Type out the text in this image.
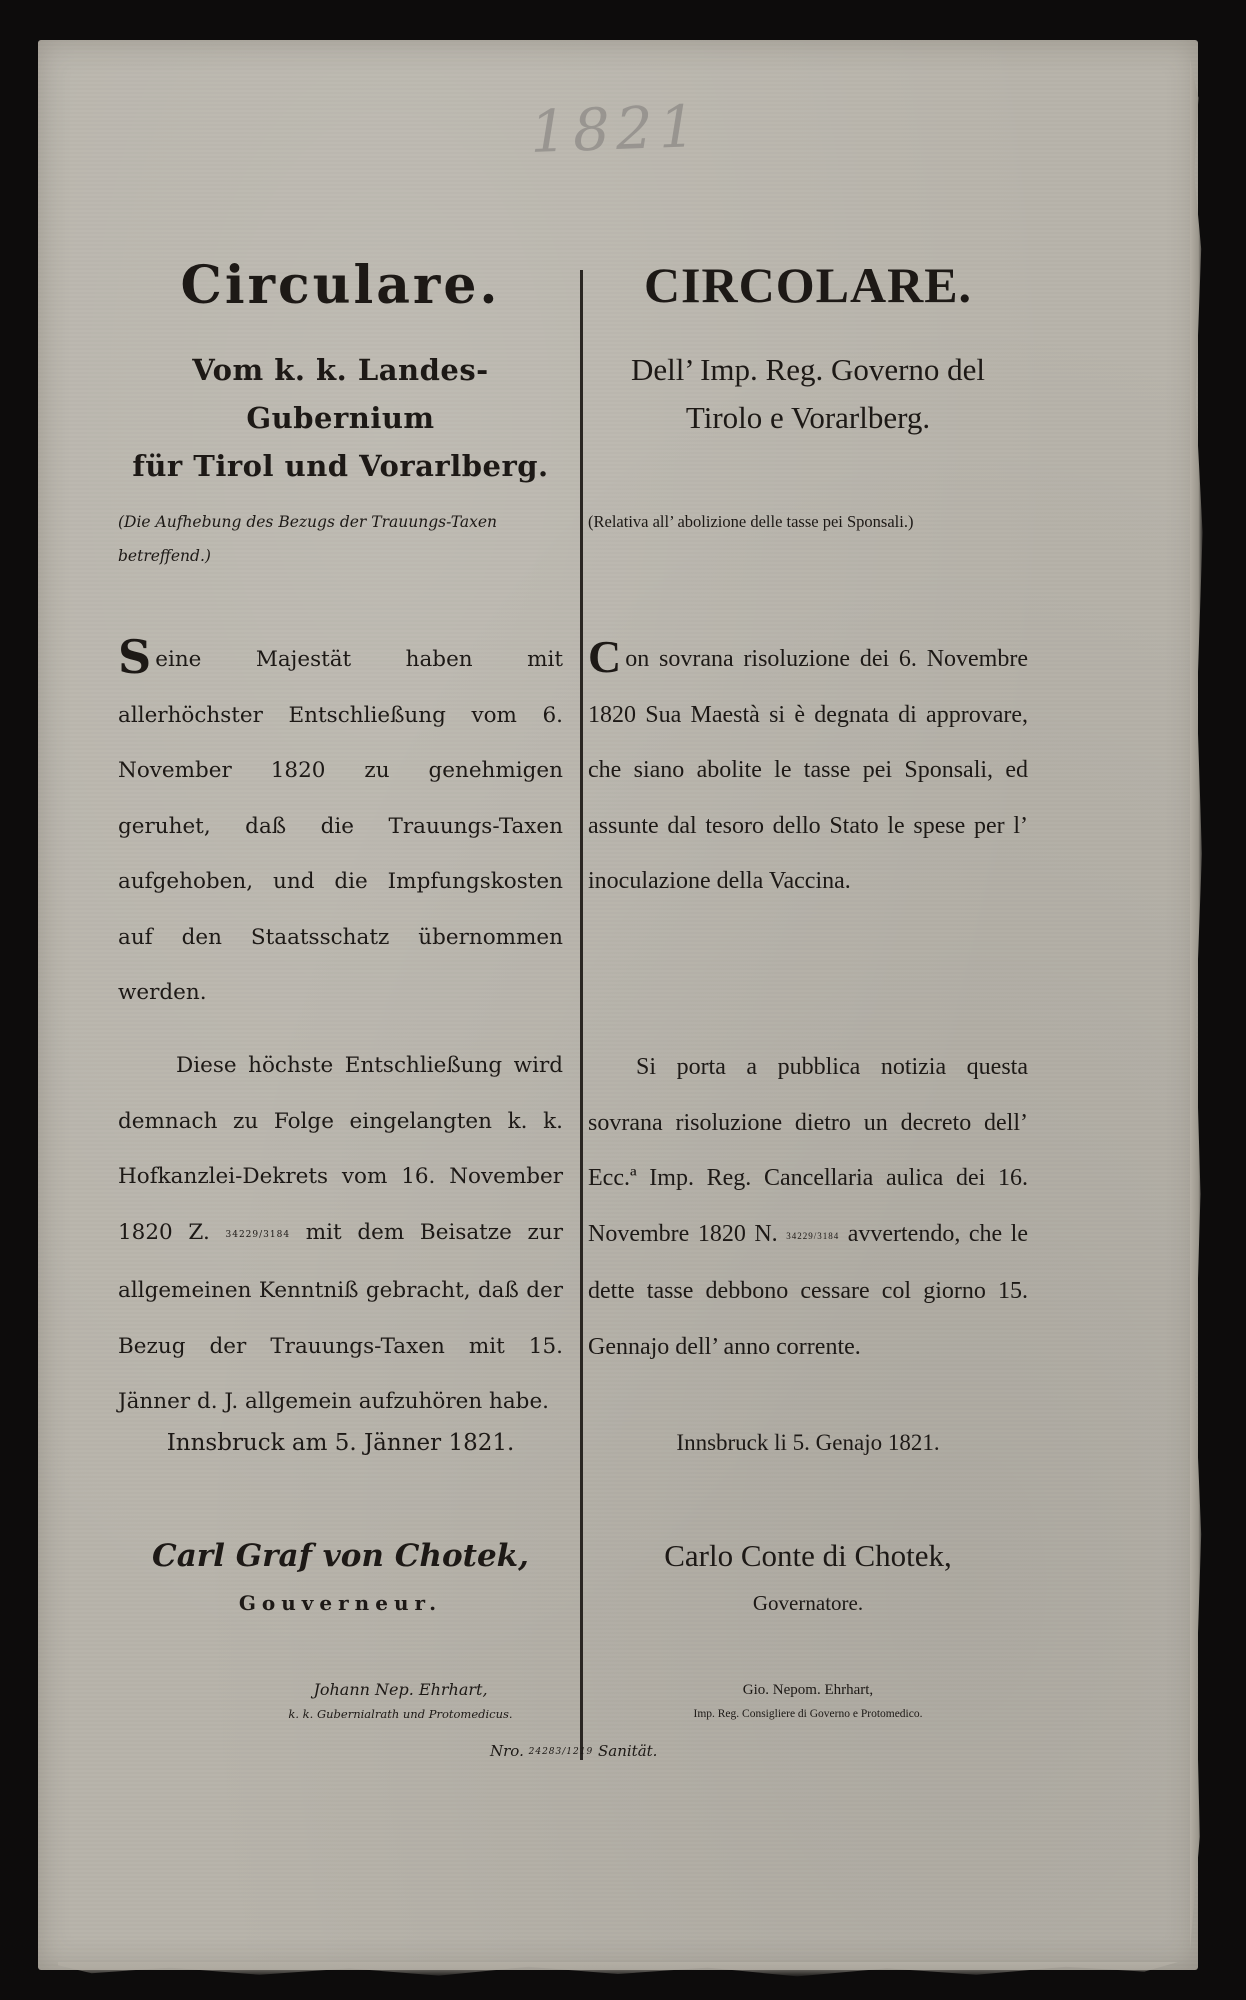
1821
Circulare.
Vom k. k. Landes-Gubernium
für Tirol und Vorarlberg.
(Die Aufhebung des Bezugs der Trauungs-Taxen betreffend.)
Seine Majestät haben mit allerhöchster Entschließung vom 6. November 1820 zu genehmigen geruhet, daß die Trauungs-Taxen aufgehoben, und die Impfungskosten auf den Staatsschatz übernommen werden.
Diese höchste Entschließung wird demnach zu Folge eingelangten k. k. Hofkanzlei-Dekrets vom 16. November 1820 Z. 34229/3184 mit dem Beisatze zur allgemeinen Kenntniß gebracht, daß der Bezug der Trauungs-Taxen mit 15. Jänner d. J. allgemein aufzuhören habe.
Innsbruck am 5. Jänner 1821.
Carl Graf von Chotek,
Gouverneur.
Johann Nep. Ehrhart,
k. k. Gubernialrath und Protomedicus.
CIRCOLARE.
Dell’ Imp. Reg. Governo del
Tirolo e Vorarlberg.
(Relativa all’ abolizione delle tasse pei Sponsali.)
Con sovrana risoluzione dei 6. Novembre 1820 Sua Maestà si è degnata di approvare, che siano abolite le tasse pei Sponsali, ed assunte dal tesoro dello Stato le spese per l’ inoculazione della Vaccina.
Si porta a pubblica notizia questa sovrana risoluzione dietro un decreto dell’ Ecc.ª Imp. Reg. Cancellaria aulica dei 16. Novembre 1820 N. 34229/3184 avvertendo, che le dette tasse debbono cessare col giorno 15. Gennajo dell’ anno corrente.
Innsbruck li 5. Genajo 1821.
Carlo Conte di Chotek,
Governatore.
Gio. Nepom. Ehrhart,
Imp. Reg. Consigliere di Governo e Protomedico.
Nro. 24283/1219 Sanität.
